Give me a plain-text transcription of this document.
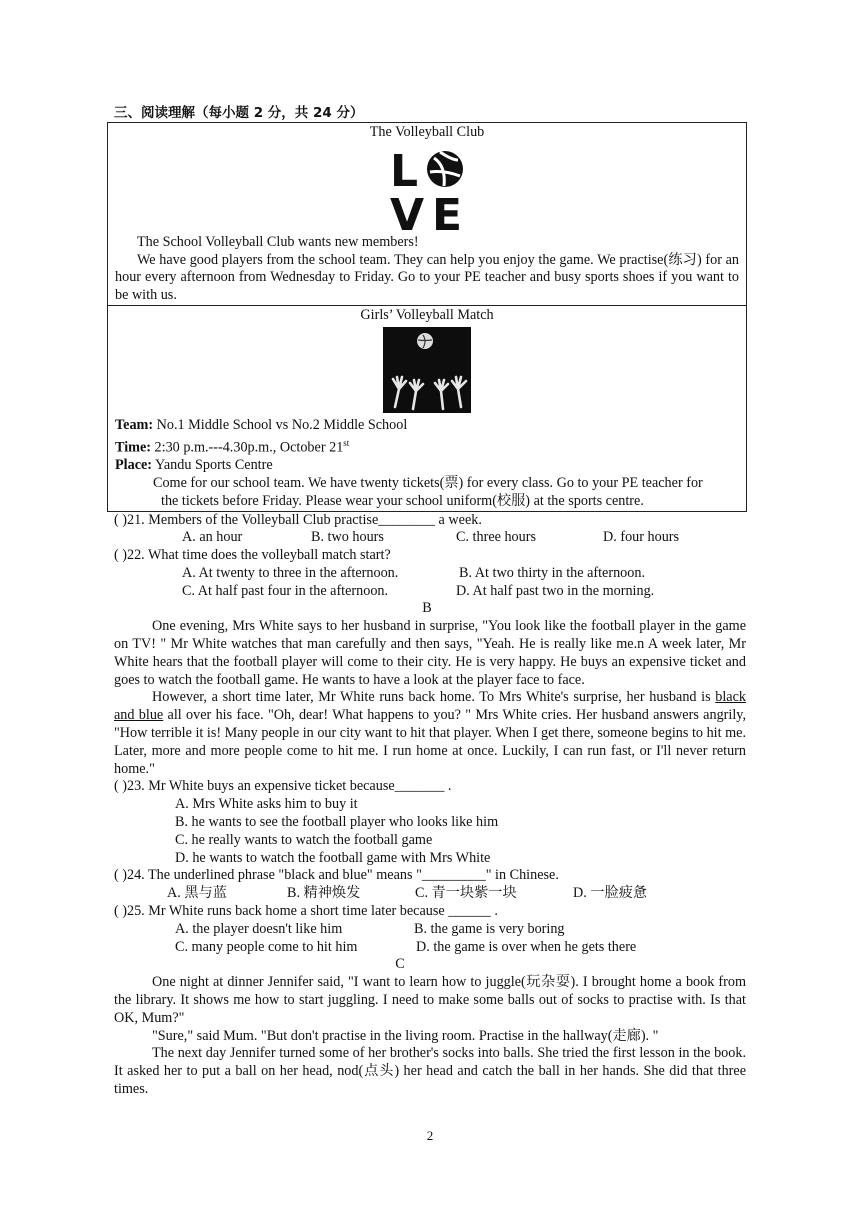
三、阅读理解（每小题 2 分，共 24 分）
The Volleyball Club
L
VE
The School Volleyball Club wants new members!
We have good players from the school team. They can help you enjoy the game. We practise(练习) for an hour every afternoon from Wednesday to Friday. Go to your PE teacher and busy sports shoes if you want to be with us.
Girls’ Volleyball Match
Team: No.1 Middle School vs No.2 Middle School
Time: 2:30 p.m.---4.30p.m., October 21st
Place: Yandu Sports Centre
Come for our school team. We have twenty tickets(票) for every class. Go to your PE teacher for
the tickets before Friday. Please wear your school uniform(校服) at the sports centre.
( )21. Members of the Volleyball Club practise________ a week.
A. an hour	B. two hours	C. three hours	D. four hours
( )22. What time does the volleyball match start?
A. At twenty to three in the afternoon.	B. At two thirty in the afternoon.
C. At half past four in the afternoon.	D. At half past two in the morning.
B
One evening, Mrs White says to her husband in surprise, "You look like the football player in the game on TV! " Mr White watches that man carefully and then says, "Yeah. He is really like me.n A week later, Mr White hears that the football player will come to their city. He is very happy. He buys an expensive ticket and goes to watch the football game. He wants to have a look at the player face to face.
However, a short time later, Mr White runs back home. To Mrs White's surprise, her husband is black and blue all over his face. "Oh, dear! What happens to you? " Mrs White cries. Her husband answers angrily, "How terrible it is! Many people in our city want to hit that player. When I get there, someone begins to hit me. Later, more and more people come to hit me. I run home at once. Luckily, I can run fast, or I'll never return home."
( )23. Mr White buys an expensive ticket because_______ .
A. Mrs White asks him to buy it
B. he wants to see the football player who looks like him
C. he really wants to watch the football game
D. he wants to watch the football game with Mrs White
( )24. The underlined phrase "black and blue" means "_________" in Chinese.
A. 黑与蓝	B. 精神焕发	C. 青一块紫一块	D. 一脸疲惫
( )25. Mr White runs back home a short time later because ______ .
A. the player doesn't like him	B. the game is very boring
C. many people come to hit him	D. the game is over when he gets there
C
One night at dinner Jennifer said, "I want to learn how to juggle(玩杂耍). I brought home a book from the library. It shows me how to start juggling. I need to make some balls out of socks to practise with. Is that OK, Mum?"
"Sure," said Mum. "But don't practise in the living room. Practise in the hallway(走廊). "
The next day Jennifer turned some of her brother's socks into balls. She tried the first lesson in the book. It asked her to put a ball on her head, nod(点头) her head and catch the ball in her hands. She did that three times.
2
